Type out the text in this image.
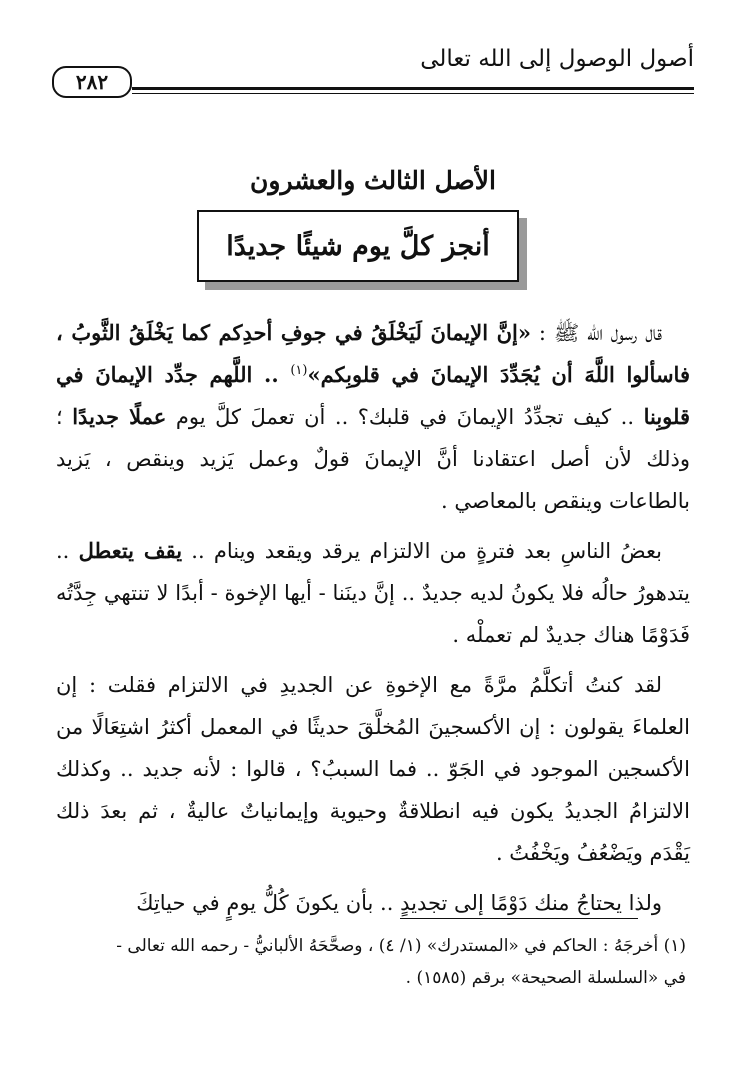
أصول الوصول إلى الله تعالى
٢٨٢
الأصل الثالث والعشرون
أنجز كلَّ يوم شيئًا جديدًا

قال رسول الله ﷺ : «إنَّ الإيمانَ لَيَخْلَقُ في جوفِ أحدِكم كما يَخْلَقُ الثَّوبُ ، فاسألوا اللَّهَ أن يُجَدِّدَ الإيمانَ في قلوبِكم»$^{(١)}$ .. اللَّهم جدِّد الإيمانَ في قلوبِنا .. كيف تجدِّدُ الإيمانَ في قلبك؟ .. أن تعملَ كلَّ يوم عملًا جديدًا ؛ وذلك لأن أصل اعتقادنا أنَّ الإيمانَ قولٌ وعمل يَزيد وينقص ، يَزيد بالطاعات وينقص بالمعاصي .

بعضُ الناسِ بعد فترةٍ من الالتزام يرقد ويقعد وينام .. يقف يتعطل .. يتدهورُ حالُه فلا يكونُ لديه جديدٌ .. إنَّ دينَنا - أيها الإخوة - أبدًا لا تنتهي جِدَّتُه فَدَوْمًا هناك جديدٌ لم تعملْه .

لقد كنتُ أتكلَّمُ مرَّةً مع الإخوةِ عن الجديدِ في الالتزام فقلت : إن العلماءَ يقولون : إن الأكسجينَ المُخلَّقَ حديثًا في المعمل أكثرُ اشتِعَالًا من الأكسجين الموجود في الجَوّ .. فما السببُ؟ ، قالوا : لأنه جديد .. وكذلك الالتزامُ الجديدُ يكون فيه انطلاقةٌ وحيوية وإيمانياتٌ عاليةٌ ، ثم بعدَ ذلك يَقْدَم ويَضْعُفُ ويَخْفُتُ .

ولذا يحتاجُ منك دَوْمًا إلى تجديدٍ .. بأن يكونَ كُلُّ يومٍ في حياتِكَ

(١) أخرجَهُ : الحاكم في «المستدرك» (١/ ٤) ، وصحَّحَهُ الألبانيُّ - رحمه الله تعالى -
في «السلسلة الصحيحة» برقم (١٥٨٥) .
